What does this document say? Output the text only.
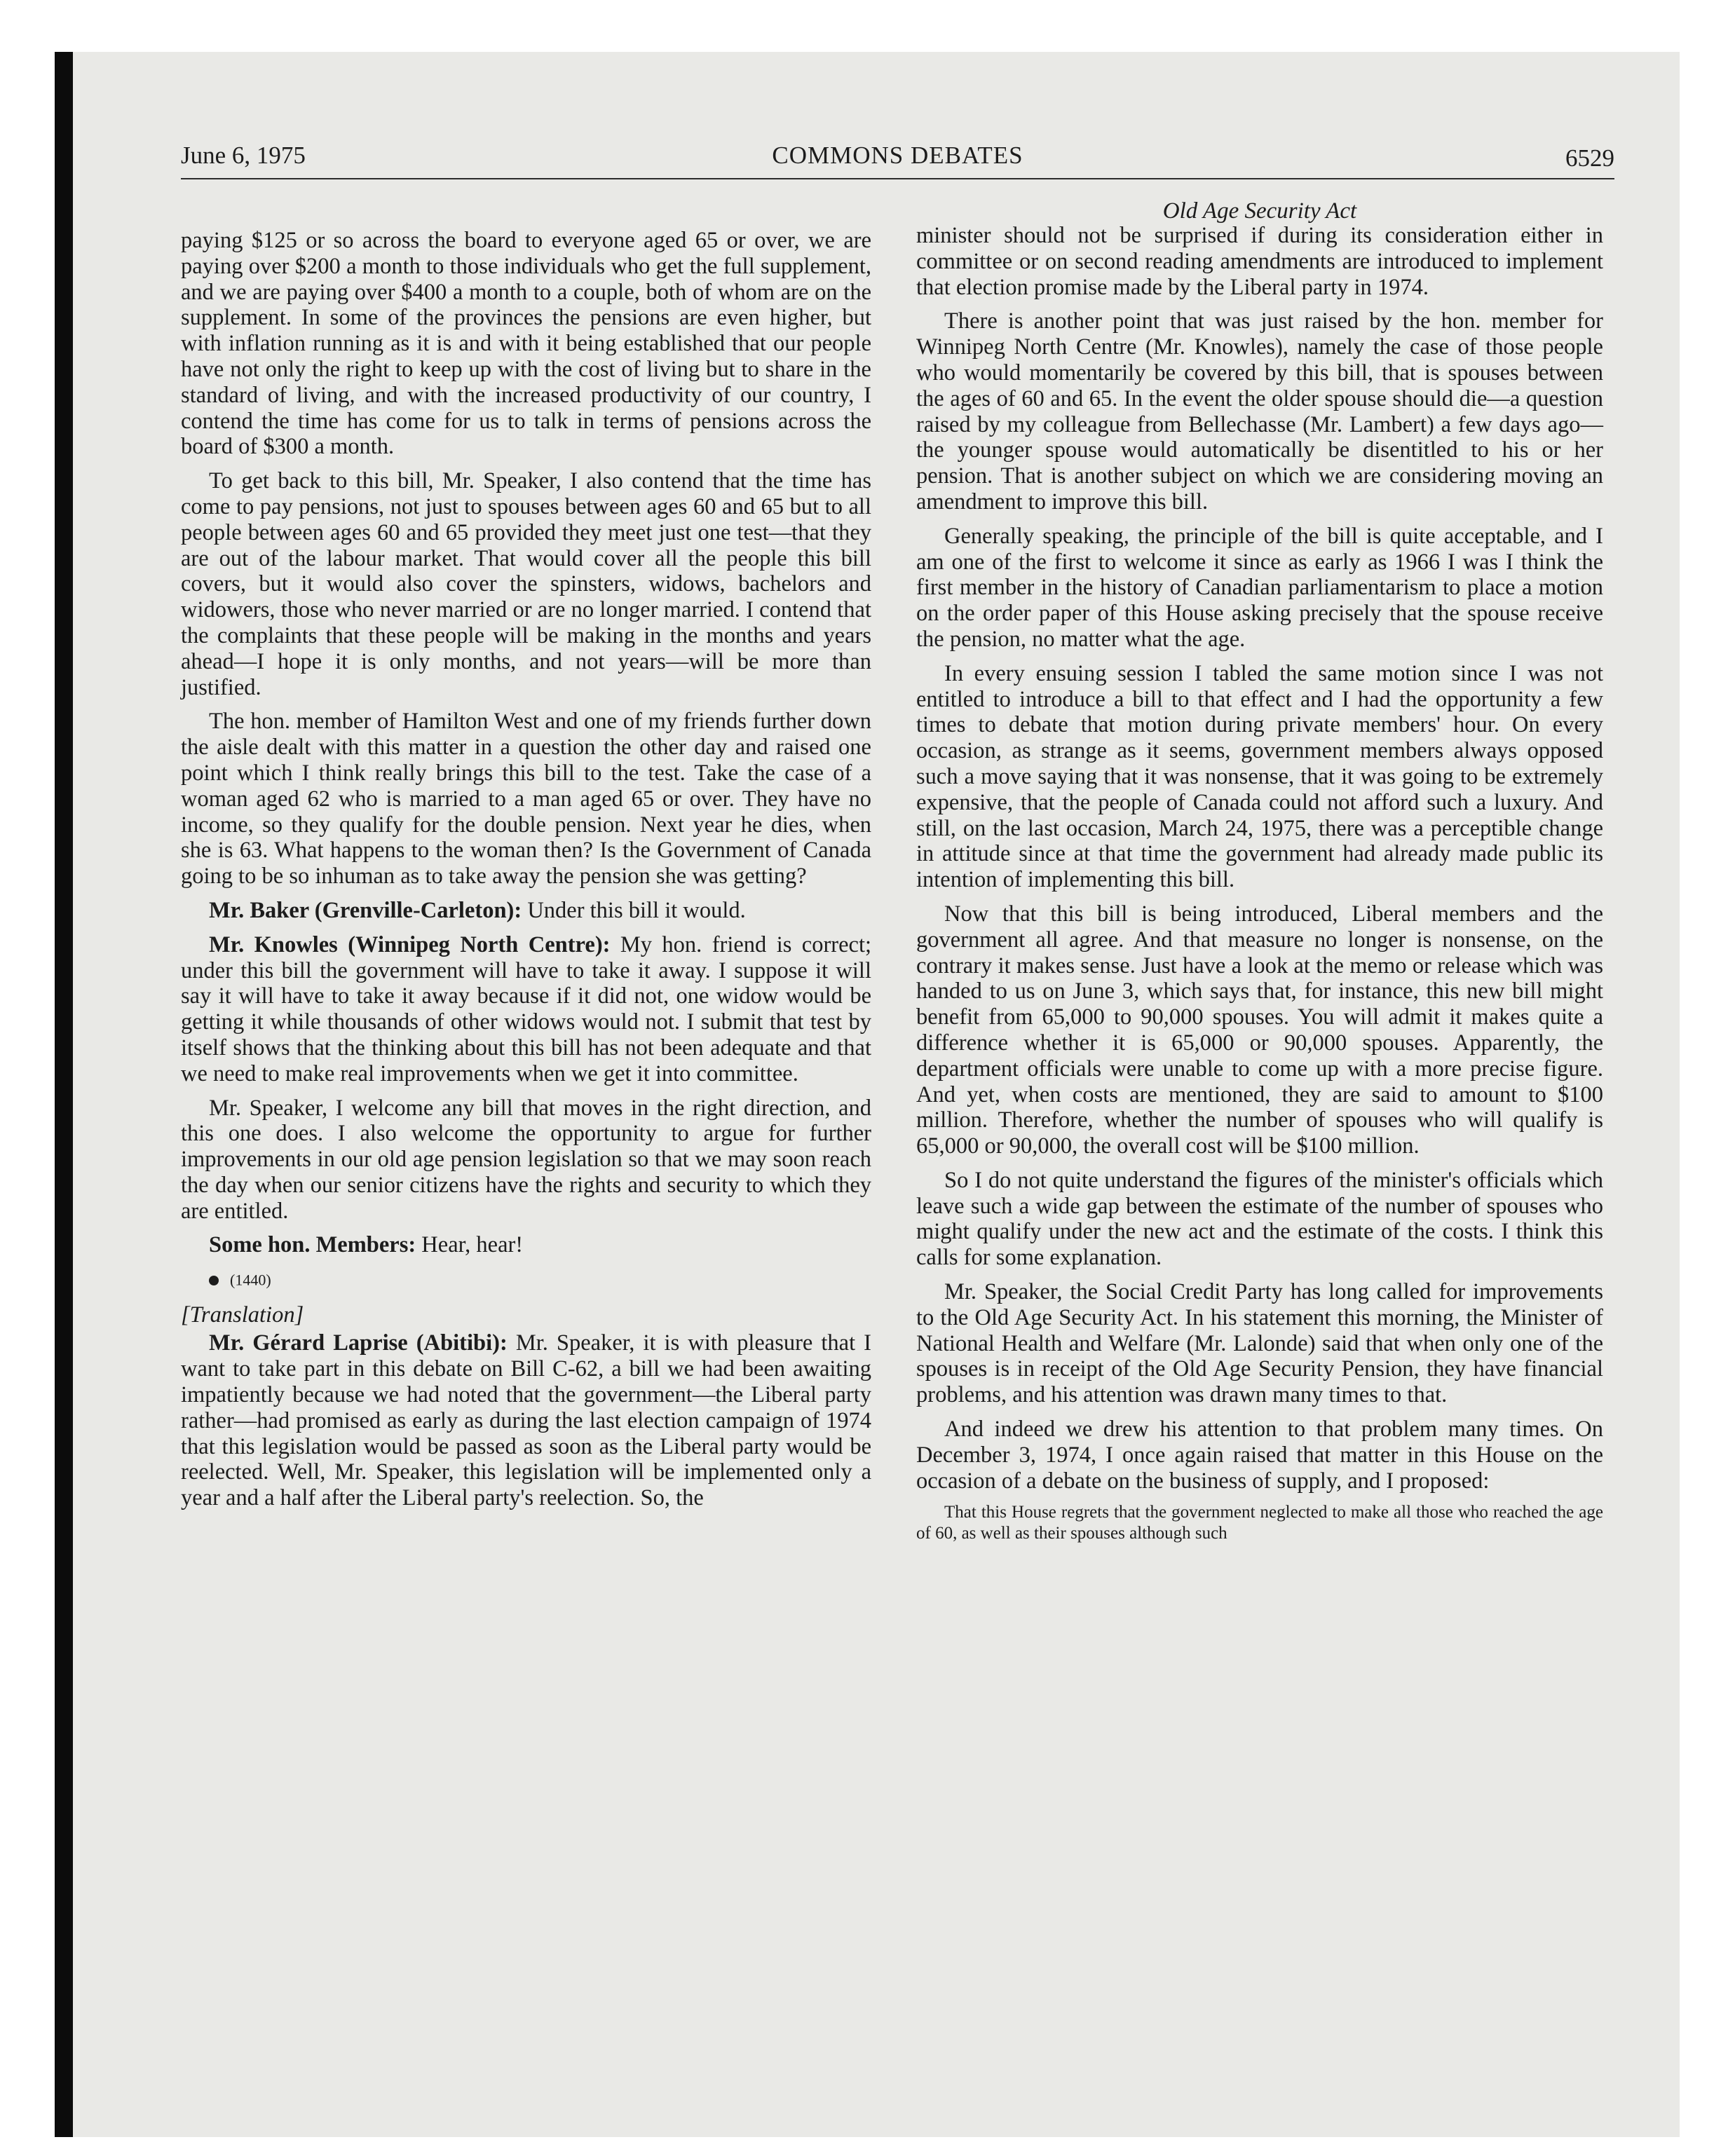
June 6, 1975	COMMONS DEBATES	6529
Old Age Security Act

paying $125 or so across the board to everyone aged 65 or over, we are paying over $200 a month to those individuals who get the full supplement, and we are paying over $400 a month to a couple, both of whom are on the supplement. In some of the provinces the pensions are even higher, but with inflation running as it is and with it being established that our people have not only the right to keep up with the cost of living but to share in the standard of living, and with the increased productivity of our country, I contend the time has come for us to talk in terms of pensions across the board of $300 a month.

To get back to this bill, Mr. Speaker, I also contend that the time has come to pay pensions, not just to spouses between ages 60 and 65 but to all people between ages 60 and 65 provided they meet just one test—that they are out of the labour market. That would cover all the people this bill covers, but it would also cover the spinsters, widows, bachelors and widowers, those who never married or are no longer married. I contend that the complaints that these people will be making in the months and years ahead—I hope it is only months, and not years—will be more than justified.

The hon. member of Hamilton West and one of my friends further down the aisle dealt with this matter in a question the other day and raised one point which I think really brings this bill to the test. Take the case of a woman aged 62 who is married to a man aged 65 or over. They have no income, so they qualify for the double pension. Next year he dies, when she is 63. What happens to the woman then? Is the Government of Canada going to be so inhuman as to take away the pension she was getting?

Mr. Baker (Grenville-Carleton): Under this bill it would.

Mr. Knowles (Winnipeg North Centre): My hon. friend is correct; under this bill the government will have to take it away. I suppose it will say it will have to take it away because if it did not, one widow would be getting it while thousands of other widows would not. I submit that test by itself shows that the thinking about this bill has not been adequate and that we need to make real improvements when we get it into committee.

Mr. Speaker, I welcome any bill that moves in the right direction, and this one does. I also welcome the opportunity to argue for further improvements in our old age pension legislation so that we may soon reach the day when our senior citizens have the rights and security to which they are entitled.

Some hon. Members: Hear, hear!

(1440)

[Translation]

Mr. Gérard Laprise (Abitibi): Mr. Speaker, it is with pleasure that I want to take part in this debate on Bill C-62, a bill we had been awaiting impatiently because we had noted that the government—the Liberal party rather—had promised as early as during the last election campaign of 1974 that this legislation would be passed as soon as the Liberal party would be reelected. Well, Mr. Speaker, this legislation will be implemented only a year and a half after the Liberal party's reelection. So, the

minister should not be surprised if during its consideration either in committee or on second reading amendments are introduced to implement that election promise made by the Liberal party in 1974.

There is another point that was just raised by the hon. member for Winnipeg North Centre (Mr. Knowles), namely the case of those people who would momentarily be covered by this bill, that is spouses between the ages of 60 and 65. In the event the older spouse should die—a question raised by my colleague from Bellechasse (Mr. Lambert) a few days ago—the younger spouse would automatically be disentitled to his or her pension. That is another subject on which we are considering moving an amendment to improve this bill.

Generally speaking, the principle of the bill is quite acceptable, and I am one of the first to welcome it since as early as 1966 I was I think the first member in the history of Canadian parliamentarism to place a motion on the order paper of this House asking precisely that the spouse receive the pension, no matter what the age.

In every ensuing session I tabled the same motion since I was not entitled to introduce a bill to that effect and I had the opportunity a few times to debate that motion during private members' hour. On every occasion, as strange as it seems, government members always opposed such a move saying that it was nonsense, that it was going to be extremely expensive, that the people of Canada could not afford such a luxury. And still, on the last occasion, March 24, 1975, there was a perceptible change in attitude since at that time the government had already made public its intention of implementing this bill.

Now that this bill is being introduced, Liberal members and the government all agree. And that measure no longer is nonsense, on the contrary it makes sense. Just have a look at the memo or release which was handed to us on June 3, which says that, for instance, this new bill might benefit from 65,000 to 90,000 spouses. You will admit it makes quite a difference whether it is 65,000 or 90,000 spouses. Apparently, the department officials were unable to come up with a more precise figure. And yet, when costs are mentioned, they are said to amount to $100 million. Therefore, whether the number of spouses who will qualify is 65,000 or 90,000, the overall cost will be $100 million.

So I do not quite understand the figures of the minister's officials which leave such a wide gap between the estimate of the number of spouses who might qualify under the new act and the estimate of the costs. I think this calls for some explanation.

Mr. Speaker, the Social Credit Party has long called for improvements to the Old Age Security Act. In his statement this morning, the Minister of National Health and Welfare (Mr. Lalonde) said that when only one of the spouses is in receipt of the Old Age Security Pension, they have financial problems, and his attention was drawn many times to that.

And indeed we drew his attention to that problem many times. On December 3, 1974, I once again raised that matter in this House on the occasion of a debate on the business of supply, and I proposed:

That this House regrets that the government neglected to make all those who reached the age of 60, as well as their spouses although such
